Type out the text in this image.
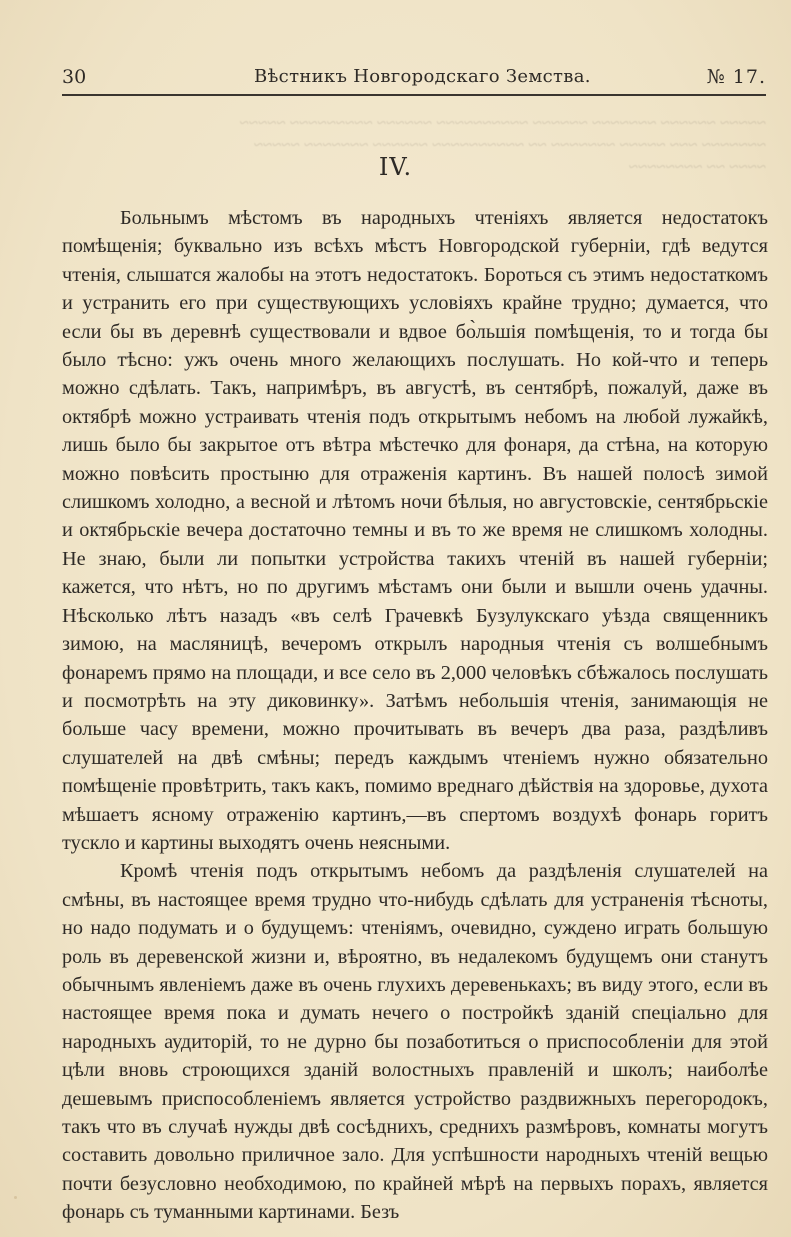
30	Вѣстникъ Новгородскаго Земства.	№ 17.
~~~~~ ~~~~~~ ~~~~~~~ ~~~~~~ ~~~~~~~~~~ ~~~~~~ ~~~~~~~~~ ~~~~~
~~~~~~~ ~~~ ~~~~~ ~~~~~~~ ~~ ~~~~~~~~~~ ~~~~~~ ~~~~~~~ ~~~~~
~~~~ ~~ ~~~~~~~~
IV.

Больнымъ мѣстомъ въ народныхъ чтеніяхъ является недостатокъ помѣщенія; буквально изъ всѣхъ мѣстъ Новгородской губерніи, гдѣ ведутся чтенія, слышатся жалобы на этотъ недостатокъ. Бороться съ этимъ недостаткомъ и устранить его при существующихъ условіяхъ крайне трудно; думается, что если бы въ деревнѣ существовали и вдвое бо̀льшія помѣщенія, то и тогда бы было тѣсно: ужъ очень много желающихъ послушать. Но кой-что и теперь можно сдѣлать. Такъ, напримѣръ, въ августѣ, въ сентябрѣ, пожалуй, даже въ октябрѣ можно устраивать чтенія подъ открытымъ небомъ на любой лужайкѣ, лишь было бы закрытое отъ вѣтра мѣстечко для фонаря, да стѣна, на которую можно повѣсить простыню для отраженія картинъ. Въ нашей полосѣ зимой слишкомъ холодно, а весной и лѣтомъ ночи бѣлыя, но августовскіе, сентябрьскіе и октябрьскіе вечера достаточно темны и въ то же время не слишкомъ холодны. Не знаю, были ли попытки устройства такихъ чтеній въ нашей губерніи; кажется, что нѣтъ, но по другимъ мѣстамъ они были и вышли очень удачны. Нѣсколько лѣтъ назадъ «въ селѣ Грачевкѣ Бузулукскаго уѣзда священникъ зимою, на масляницѣ, вечеромъ открылъ народныя чтенія съ волшебнымъ фонаремъ прямо на площади, и все село въ 2,000 человѣкъ сбѣжалось послушать и посмотрѣть на эту диковинку». Затѣмъ небольшія чтенія, занимающія не больше часу времени, можно прочитывать въ вечеръ два раза, раздѣливъ слушателей на двѣ смѣны; передъ каждымъ чтеніемъ нужно обязательно помѣщеніе провѣтрить, такъ какъ, помимо вреднаго дѣйствія на здоровье, духота мѣшаетъ ясному отраженію картинъ,—въ спертомъ воздухѣ фонарь горитъ тускло и картины выходятъ очень неясными.

Кромѣ чтенія подъ открытымъ небомъ да раздѣленія слушателей на смѣны, въ настоящее время трудно что-нибудь сдѣлать для устраненія тѣсноты, но надо подумать и о будущемъ: чтеніямъ, очевидно, суждено играть большую роль въ деревенской жизни и, вѣроятно, въ недалекомъ будущемъ они станутъ обычнымъ явленіемъ даже въ очень глухихъ деревенькахъ; въ виду этого, если въ настоящее время пока и думать нечего о постройкѣ зданій спеціально для народныхъ аудиторій, то не дурно бы позаботиться о приспособленіи для этой цѣли вновь строющихся зданій волостныхъ правленій и школъ; наиболѣе дешевымъ приспособленіемъ является устройство раздвижныхъ перегородокъ, такъ что въ случаѣ нужды двѣ сосѣднихъ, среднихъ размѣровъ, комнаты могутъ составить довольно приличное зало. Для успѣшности народныхъ чтеній вещью почти безусловно необходимою, по крайней мѣрѣ на первыхъ порахъ, является фонарь съ туманными картинами. Безъ
